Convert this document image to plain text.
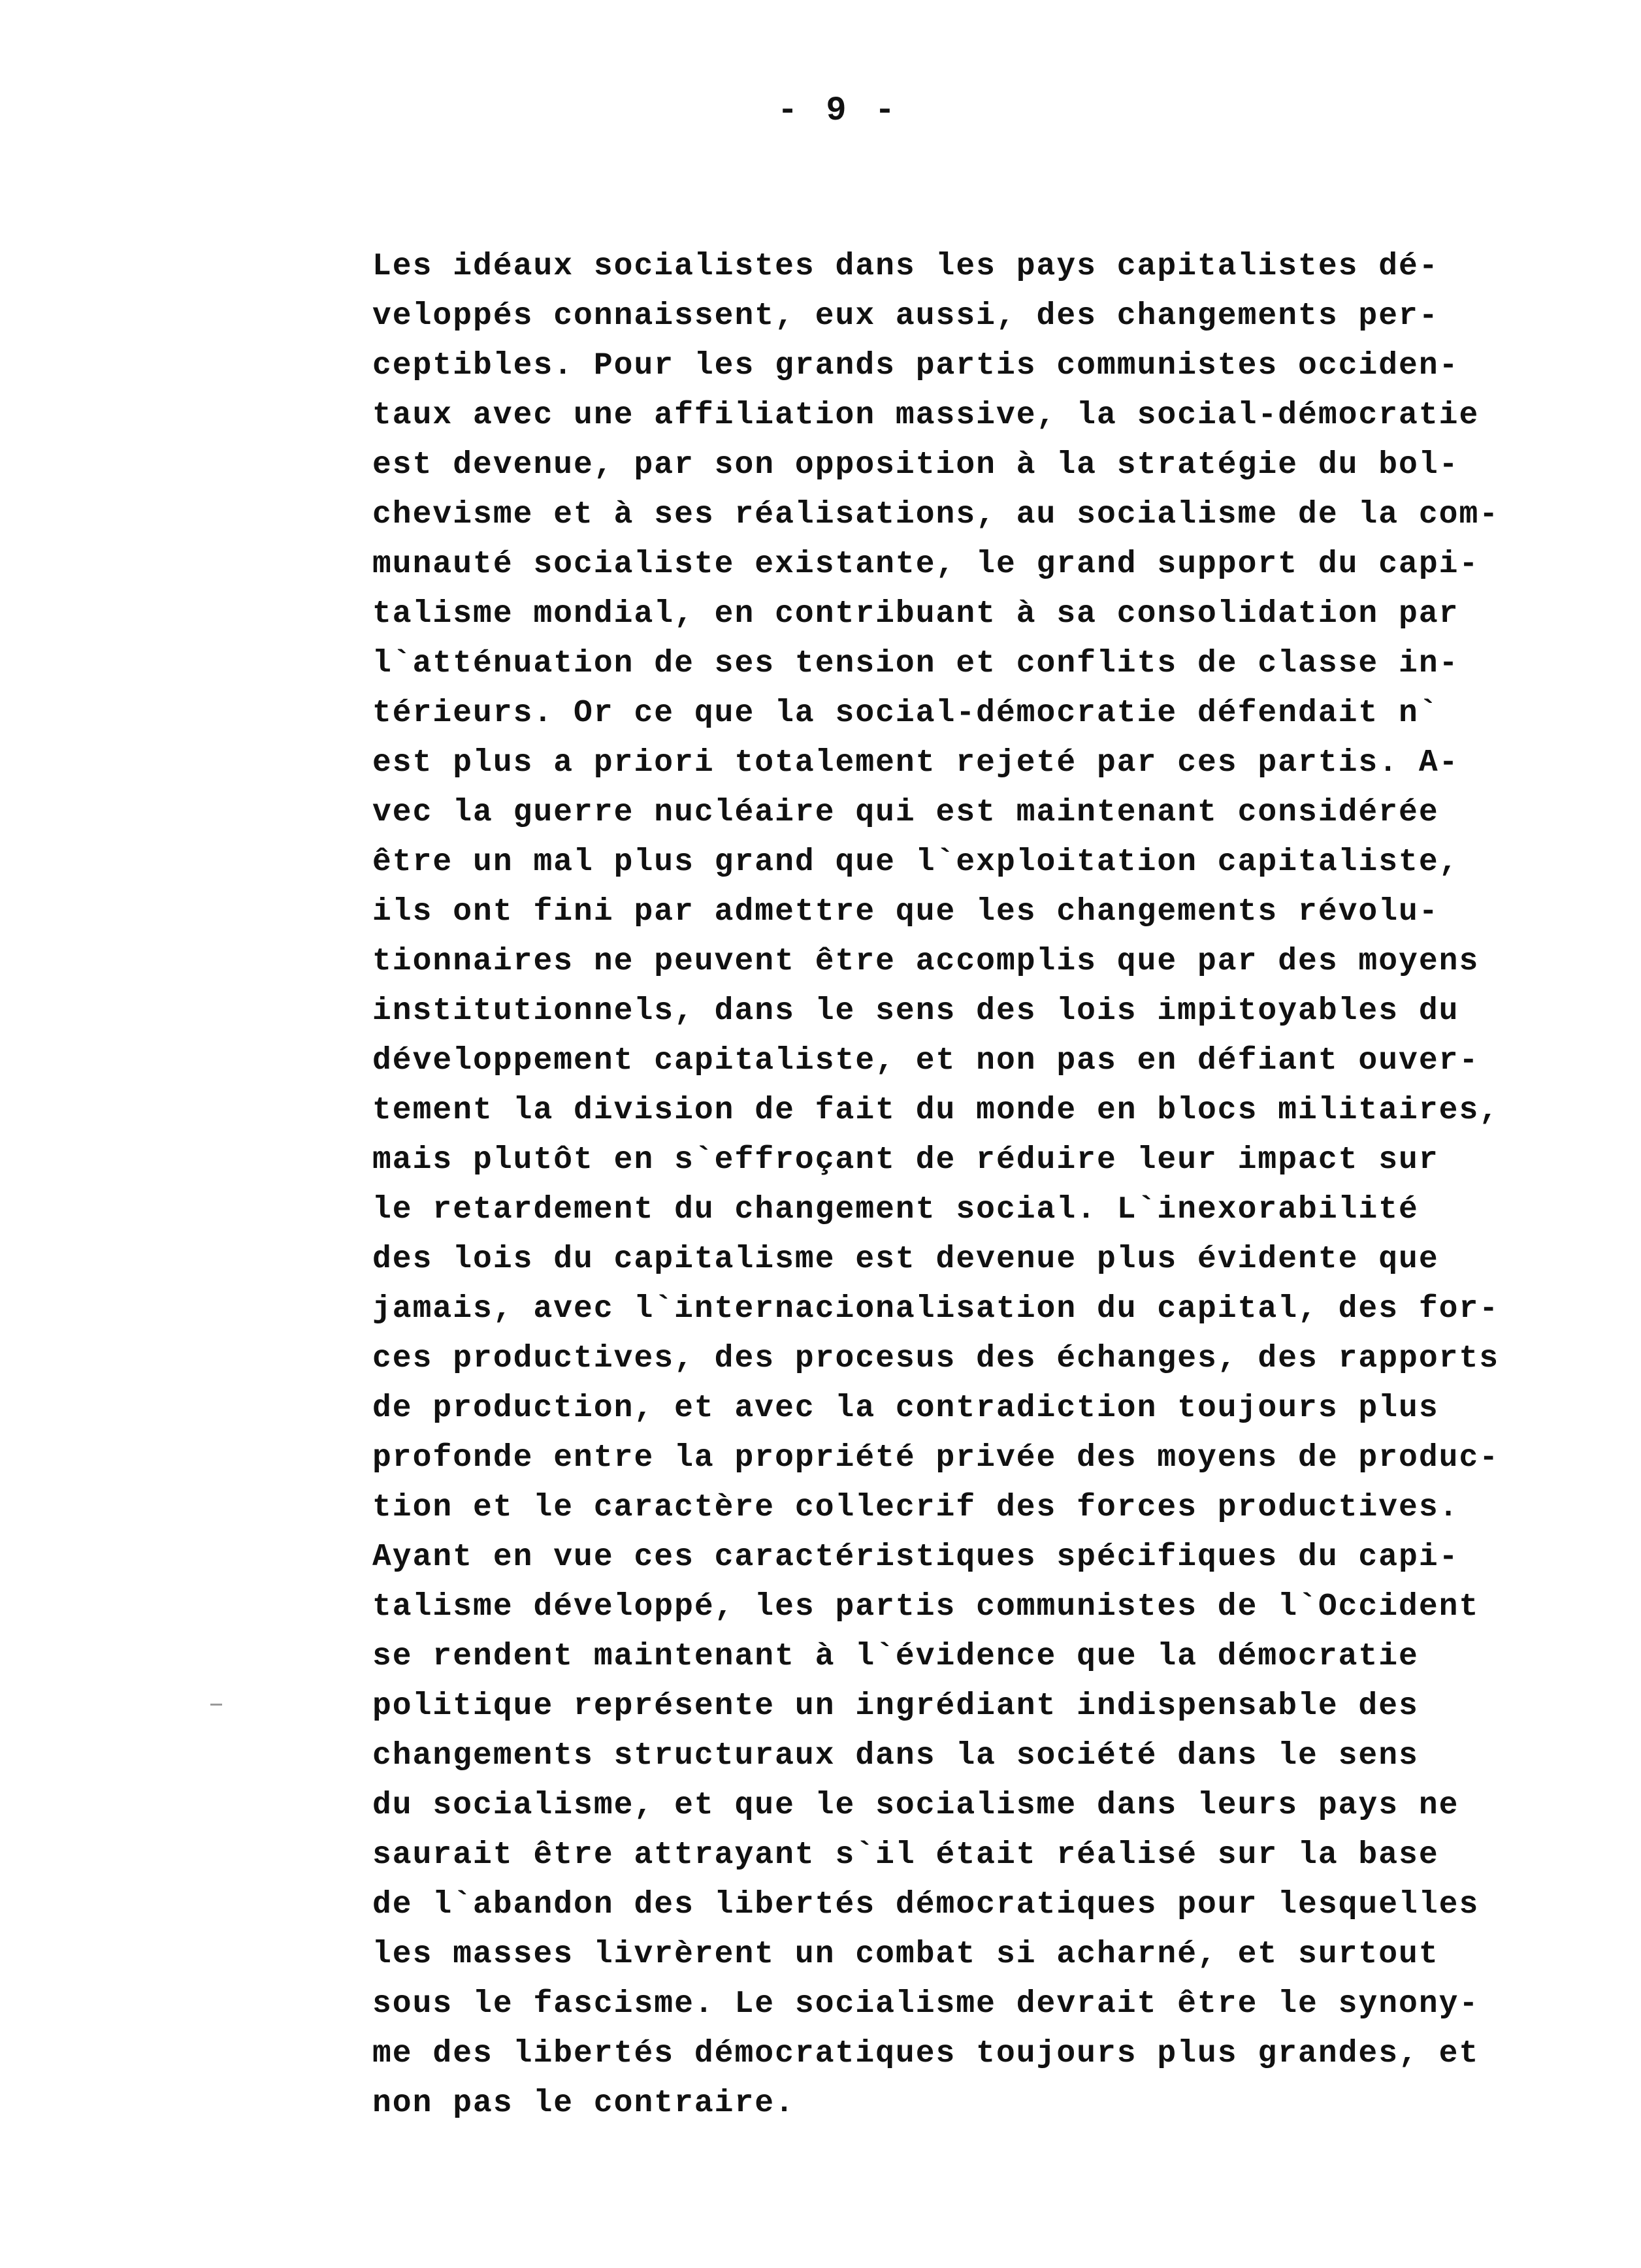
- 9 -
Les idéaux socialistes dans les pays capitalistes dé-
veloppés connaissent, eux aussi, des changements per-
ceptibles. Pour les grands partis communistes occiden-
taux avec une affiliation massive, la social-démocratie
est devenue, par son opposition à la stratégie du bol-
chevisme et à ses réalisations, au socialisme de la com-
munauté socialiste existante, le grand support du capi-
talisme mondial, en contribuant à sa consolidation par
l`atténuation de ses tension et conflits de classe in-
térieurs. Or ce que la social-démocratie défendait n`
est plus a priori totalement rejeté par ces partis. A-
vec la guerre nucléaire qui est maintenant considérée
être un mal plus grand que l`exploitation capitaliste,
ils ont fini par admettre que les changements révolu-
tionnaires ne peuvent être accomplis que par des moyens
institutionnels, dans le sens des lois impitoyables du
développement capitaliste, et non pas en défiant ouver-
tement la division de fait du monde en blocs militaires,
mais plutôt en s`effroçant de réduire leur impact sur
le retardement du changement social. L`inexorabilité
des lois du capitalisme est devenue plus évidente que
jamais, avec l`internacionalisation du capital, des for-
ces productives, des procesus des échanges, des rapports
de production, et avec la contradiction toujours plus
profonde entre la propriété privée des moyens de produc-
tion et le caractère collecrif des forces productives.
Ayant en vue ces caractéristiques spécifiques du capi-
talisme développé, les partis communistes de l`Occident
se rendent maintenant à l`évidence que la démocratie
politique représente un ingrédiant indispensable des
changements structuraux dans la société dans le sens
du socialisme, et que le socialisme dans leurs pays ne
saurait être attrayant s`il était réalisé sur la base
de l`abandon des libertés démocratiques pour lesquelles
les masses livrèrent un combat si acharné, et surtout
sous le fascisme. Le socialisme devrait être le synony-
me des libertés démocratiques toujours plus grandes, et
non pas le contraire.
